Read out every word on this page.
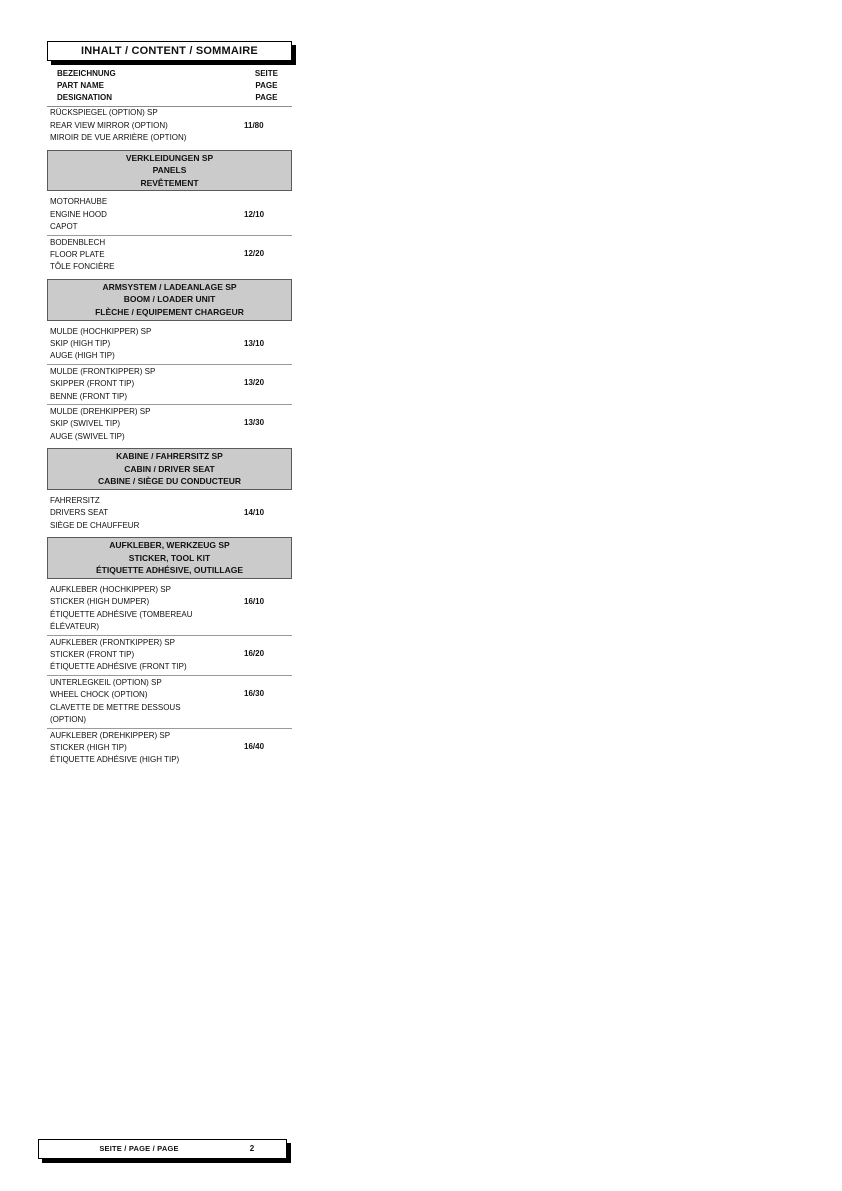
INHALT / CONTENT / SOMMAIRE
BEZEICHNUNG
PART NAME
DESIGNATION
SEITE
PAGE
PAGE
RÜCKSPIEGEL (OPTION) SP
REAR VIEW MIRROR (OPTION)
MIROIR DE VUE ARRIÈRE (OPTION)
11/80
VERKLEIDUNGEN SP
PANELS
REVÊTEMENT
MOTORHAUBE
ENGINE HOOD
CAPOT
12/10
BODENBLECH
FLOOR PLATE
TÔLE FONCIÈRE
12/20
ARMSYSTEM / LADEANLAGE SP
BOOM / LOADER UNIT
FLÈCHE / EQUIPEMENT CHARGEUR
MULDE (HOCHKIPPER) SP
SKIP (HIGH TIP)
AUGE (HIGH TIP)
13/10
MULDE (FRONTKIPPER) SP
SKIPPER (FRONT TIP)
BENNE (FRONT TIP)
13/20
MULDE (DREHKIPPER) SP
SKIP (SWIVEL TIP)
AUGE (SWIVEL TIP)
13/30
KABINE / FAHRERSITZ SP
CABIN / DRIVER SEAT
CABINE / SIÈGE DU CONDUCTEUR
FAHRERSITZ
DRIVERS SEAT
SIÈGE DE CHAUFFEUR
14/10
AUFKLEBER, WERKZEUG SP
STICKER, TOOL KIT
ÉTIQUETTE ADHÉSIVE, OUTILLAGE
AUFKLEBER (HOCHKIPPER) SP
STICKER (HIGH DUMPER)
ÉTIQUETTE ADHÉSIVE (TOMBEREAU ÉLÉVATEUR)
16/10
AUFKLEBER (FRONTKIPPER) SP
STICKER (FRONT TIP)
ÉTIQUETTE ADHÉSIVE (FRONT TIP)
16/20
UNTERLEGKEIL (OPTION) SP
WHEEL CHOCK (OPTION)
CLAVETTE DE METTRE DESSOUS (OPTION)
16/30
AUFKLEBER (DREHKIPPER) SP
STICKER (HIGH TIP)
ÉTIQUETTE ADHÉSIVE (HIGH TIP)
16/40
SEITE / PAGE / PAGE	2
